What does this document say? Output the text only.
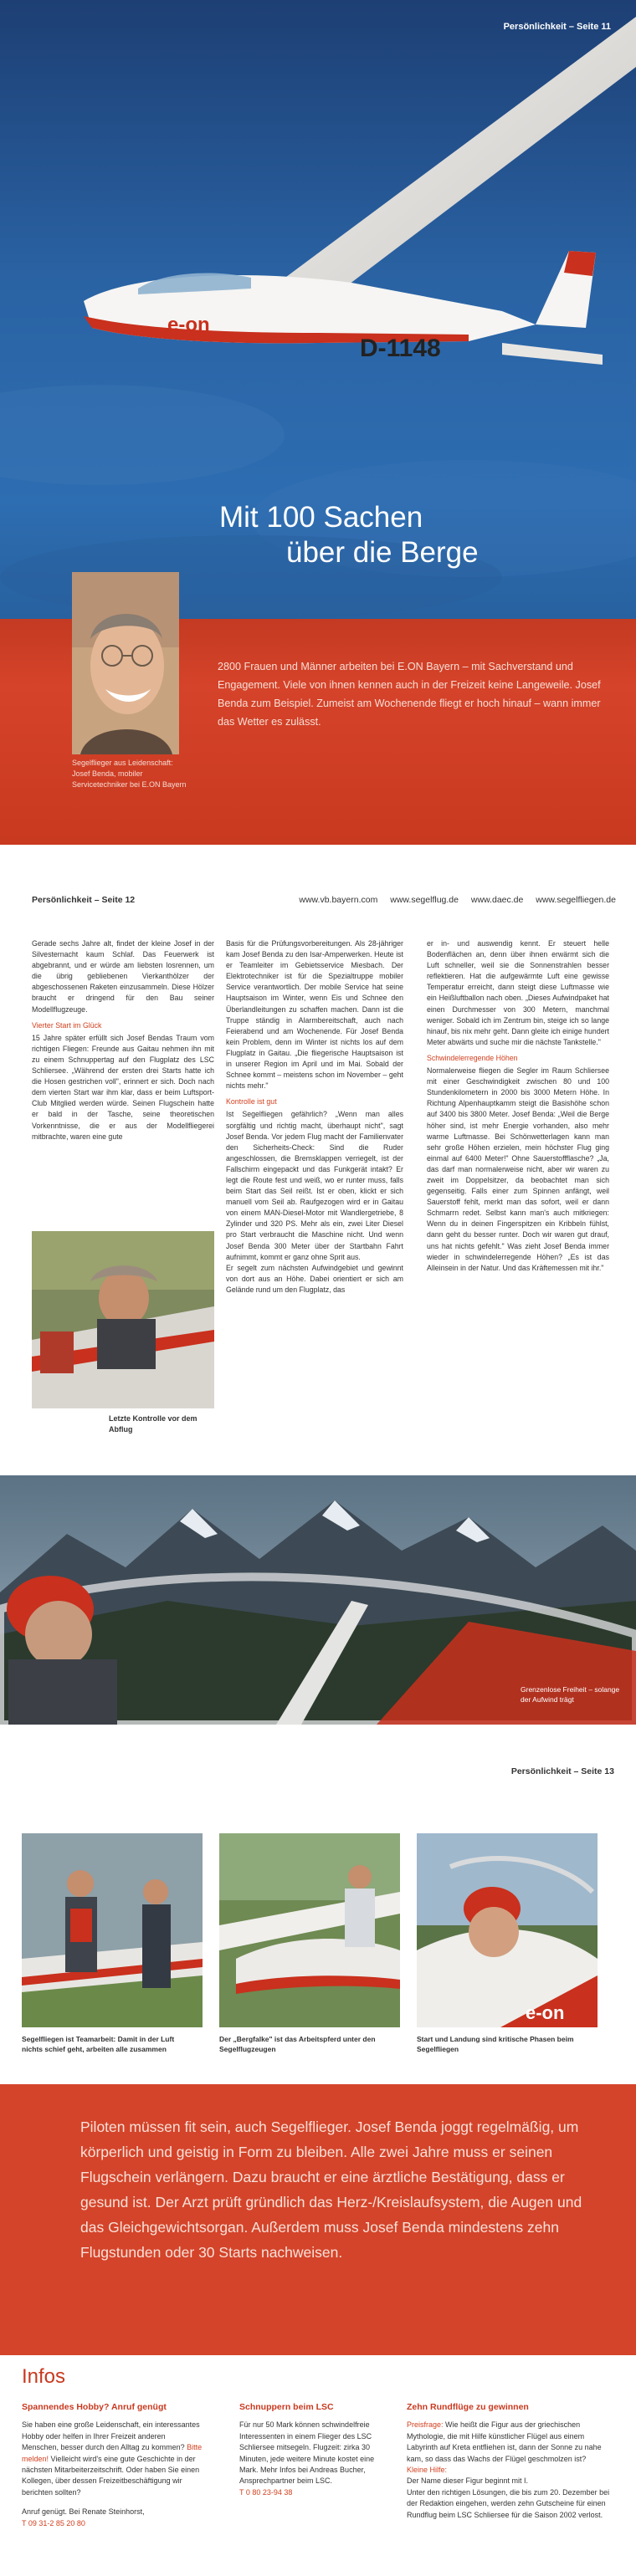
e-on
D-1148
Persönlichkeit – Seite 11
Mit 100 Sachen
über die Berge
Segelflieger aus Leidenschaft: Josef Benda, mobiler Servicetechniker bei E.ON Bayern

2800 Frauen und Männer arbeiten bei E.ON Bayern – mit Sachverstand und Engagement. Viele von ihnen kennen auch in der Freizeit keine Langeweile. Josef Benda zum Beispiel. Zumeist am Wochenende fliegt er hoch hinauf – wann immer das Wetter es zulässt.

Persönlichkeit – Seite 12	www.vb.bayern.com www.segelflug.de www.daec.de www.segelfliegen.de

Gerade sechs Jahre alt, findet der kleine Josef in der Silvesternacht kaum Schlaf. Das Feuerwerk ist abgebrannt, und er würde am liebsten losrennen, um die übrig gebliebenen Vierkanthölzer der abgeschossenen Raketen einzusammeln. Diese Hölzer braucht er dringend für den Bau seiner Modellflugzeuge.

Vierter Start im Glück

15 Jahre später erfüllt sich Josef Bendas Traum vom richtigen Fliegen: Freunde aus Gaitau nehmen ihn mit zu einem Schnuppertag auf den Flugplatz des LSC Schliersee. „Während der ersten drei Starts hatte ich die Hosen gestrichen voll", erinnert er sich. Doch nach dem vierten Start war ihm klar, dass er beim Luftsport-Club Mitglied werden würde. Seinen Flugschein hatte er bald in der Tasche, seine theoretischen Vorkenntnisse, die er aus der Modellfliegerei mitbrachte, waren eine gute

Letzte Kontrolle vor dem Abflug

Basis für die Prüfungsvorbereitungen. Als 28-jähriger kam Josef Benda zu den Isar-Amperwerken. Heute ist er Teamleiter im Gebietsservice Miesbach. Der Elektrotechniker ist für die Spezialtruppe mobiler Service verantwortlich. Der mobile Service hat seine Hauptsaison im Winter, wenn Eis und Schnee den Überlandleitungen zu schaffen machen. Dann ist die Truppe ständig in Alarmbereitschaft, auch nach Feierabend und am Wochenende. Für Josef Benda kein Problem, denn im Winter ist nichts los auf dem Flugplatz in Gaitau. „Die fliegerische Hauptsaison ist in unserer Region im April und im Mai. Sobald der Schnee kommt – meistens schon im November – geht nichts mehr."

Kontrolle ist gut

Ist Segelfliegen gefährlich? „Wenn man alles sorgfältig und richtig macht, überhaupt nicht", sagt Josef Benda. Vor jedem Flug macht der Familienvater den Sicherheits-Check: Sind die Ruder angeschlossen, die Bremsklappen verriegelt, ist der Fallschirm eingepackt und das Funkgerät intakt? Er legt die Route fest und weiß, wo er runter muss, falls beim Start das Seil reißt. Ist er oben, klickt er sich manuell vom Seil ab. Raufgezogen wird er in Gaitau von einem MAN-Diesel-Motor mit Wandlergetriebe, 8 Zylinder und 320 PS. Mehr als ein, zwei Liter Diesel pro Start verbraucht die Maschine nicht. Und wenn Josef Benda 300 Meter über der Startbahn Fahrt aufnimmt, kommt er ganz ohne Sprit aus.

Er segelt zum nächsten Aufwindgebiet und gewinnt von dort aus an Höhe. Dabei orientiert er sich am Gelände rund um den Flugplatz, das

er in- und auswendig kennt. Er steuert helle Bodenflächen an, denn über ihnen erwärmt sich die Luft schneller, weil sie die Sonnenstrahlen besser reflektieren. Hat die aufgewärmte Luft eine gewisse Temperatur erreicht, dann steigt diese Luftmasse wie ein Heißluftballon nach oben. „Dieses Aufwindpaket hat einen Durchmesser von 300 Metern, manchmal weniger. Sobald ich im Zentrum bin, steige ich so lange hinauf, bis nix mehr geht. Dann gleite ich einige hundert Meter abwärts und suche mir die nächste Tankstelle."

Schwindelerregende Höhen

Normalerweise fliegen die Segler im Raum Schliersee mit einer Geschwindigkeit zwischen 80 und 100 Stundenkilometern in 2000 bis 3000 Metern Höhe. In Richtung Alpenhauptkamm steigt die Basishöhe schon auf 3400 bis 3800 Meter. Josef Benda: „Weil die Berge höher sind, ist mehr Energie vorhanden, also mehr warme Luftmasse. Bei Schönwetterlagen kann man sehr große Höhen erzielen, mein höchster Flug ging einmal auf 6400 Meter!" Ohne Sauerstoffflasche? „Ja, das darf man normalerweise nicht, aber wir waren zu zweit im Doppelsitzer, da beobachtet man sich gegenseitig. Falls einer zum Spinnen anfängt, weil Sauerstoff fehlt, merkt man das sofort, weil er dann Schmarrn redet. Selbst kann man's auch mitkriegen: Wenn du in deinen Fingerspitzen ein Kribbeln fühlst, dann geht du besser runter. Doch wir waren gut drauf, uns hat nichts gefehlt." Was zieht Josef Benda immer wieder in schwindelerregende Höhen? „Es ist das Alleinsein in der Natur. Und das Kräftemessen mit ihr."

Grenzenlose Freiheit – solange der Aufwind trägt
Persönlichkeit – Seite 13
e-on
Segelfliegen ist Teamarbeit: Damit in der Luft nichts schief geht, arbeiten alle zusammen
Der „Bergfalke" ist das Arbeitspferd unter den Segelflugzeugen
Start und Landung sind kritische Phasen beim Segelfliegen

Piloten müssen fit sein, auch Segelflieger. Josef Benda joggt regelmäßig, um körperlich und geistig in Form zu bleiben. Alle zwei Jahre muss er seinen Flugschein verlängern. Dazu braucht er eine ärztliche Bestätigung, dass er gesund ist. Der Arzt prüft gründlich das Herz-/Kreislaufsystem, die Augen und das Gleichgewichtsorgan. Außerdem muss Josef Benda mindestens zehn Flugstunden oder 30 Starts nachweisen.

Infos
Spannendes Hobby? Anruf genügt

Sie haben eine große Leidenschaft, ein interessantes Hobby oder helfen in Ihrer Freizeit anderen Menschen, besser durch den Alltag zu kommen? Bitte melden! Vielleicht wird's eine gute Geschichte in der nächsten Mitarbeiterzeitschrift. Oder haben Sie einen Kollegen, über dessen Freizeitbeschäftigung wir berichten sollten?

Anruf genügt. Bei Renate Steinhorst,

T 09 31-2 85 20 80

Schnuppern beim LSC

Für nur 50 Mark können schwindelfreie Interessenten in einem Flieger des LSC Schliersee mitsegeln. Flugzeit: zirka 30 Minuten, jede weitere Minute kostet eine Mark. Mehr Infos bei Andreas Bucher, Ansprechpartner beim LSC.

T 0 80 23-94 38

Zehn Rundflüge zu gewinnen

Preisfrage: Wie heißt die Figur aus der griechischen Mythologie, die mit Hilfe künstlicher Flügel aus einem Labyrinth auf Kreta entfliehen ist, dann der Sonne zu nahe kam, so dass das Wachs der Flügel geschmolzen ist?

Kleine Hilfe:

Der Name dieser Figur beginnt mit I.

Unter den richtigen Lösungen, die bis zum 20. Dezember bei der Redaktion eingehen, werden zehn Gutscheine für einen Rundflug beim LSC Schliersee für die Saison 2002 verlost.
